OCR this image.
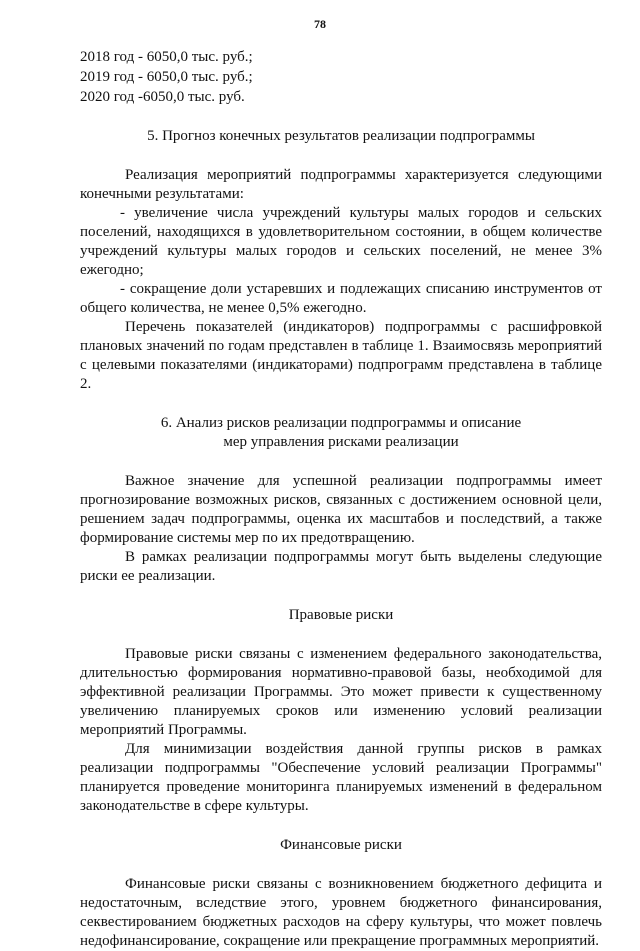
78
2018 год - 6050,0 тыс. руб.;
2019 год - 6050,0 тыс. руб.;
2020 год -6050,0 тыс. руб.
5. Прогноз конечных результатов реализации подпрограммы

Реализация мероприятий подпрограммы характеризуется следующими конечными результатами:

- увеличение числа учреждений культуры малых городов и сельских поселений, находящихся в удовлетворительном состоянии, в общем количестве учреждений культуры малых городов и сельских поселений, не менее 3% ежегодно;

- сокращение доли устаревших и подлежащих списанию инструментов от общего количества, не менее 0,5% ежегодно.

Перечень показателей (индикаторов) подпрограммы с расшифровкой плановых значений по годам представлен в таблице 1. Взаимосвязь мероприятий с целевыми показателями (индикаторами) подпрограмм представлена в таблице 2.

6. Анализ рисков реализации подпрограммы и описание
мер управления рисками реализации

Важное значение для успешной реализации подпрограммы имеет прогнозирование возможных рисков, связанных с достижением основной цели, решением задач подпрограммы, оценка их масштабов и последствий, а также формирование системы мер по их предотвращению.

В рамках реализации подпрограммы могут быть выделены следующие риски ее реализации.

Правовые риски

Правовые риски связаны с изменением федерального законодательства, длительностью формирования нормативно-правовой базы, необходимой для эффективной реализации Программы. Это может привести к существенному увеличению планируемых сроков или изменению условий реализации мероприятий Программы.

Для минимизации воздействия данной группы рисков в рамках реализации подпрограммы "Обеспечение условий реализации Программы" планируется проведение мониторинга планируемых изменений в федеральном законодательстве в сфере культуры.

Финансовые риски

Финансовые риски связаны с возникновением бюджетного дефицита и недостаточным, вследствие этого, уровнем бюджетного финансирования, секвестированием бюджетных расходов на сферу культуры, что может повлечь недофинансирование, сокращение или прекращение программных мероприятий.
